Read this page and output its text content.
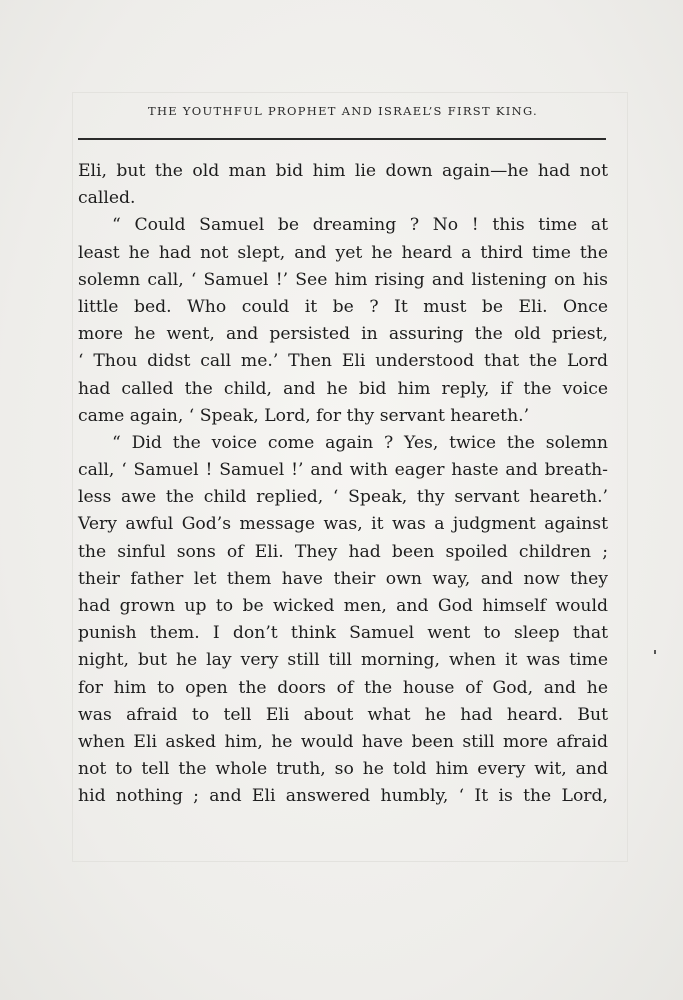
THE YOUTHFUL PROPHET AND ISRAEL’S FIRST KING.
Eli, but the old man bid him lie down again—he had not
called.
“ Could Samuel be dreaming ? No ! this time at
least he had not slept, and yet he heard a third time the
solemn call, ‘ Samuel !’ See him rising and listening on his
little bed. Who could it be ? It must be Eli. Once
more he went, and persisted in assuring the old priest,
‘ Thou didst call me.’ Then Eli understood that the Lord
had called the child, and he bid him reply, if the voice
came again, ‘ Speak, Lord, for thy servant heareth.’
“ Did the voice come again ? Yes, twice the solemn
call, ‘ Samuel ! Samuel !’ and with eager haste and breath-
less awe the child replied, ‘ Speak, thy servant heareth.’
Very awful God’s message was, it was a judgment against
the sinful sons of Eli. They had been spoiled children ;
their father let them have their own way, and now they
had grown up to be wicked men, and God himself would
punish them. I don’t think Samuel went to sleep that
night, but he lay very still till morning, when it was time
for him to open the doors of the house of God, and he
was afraid to tell Eli about what he had heard. But
when Eli asked him, he would have been still more afraid
not to tell the whole truth, so he told him every wit, and
hid nothing ; and Eli answered humbly, ‘ It is the Lord,
